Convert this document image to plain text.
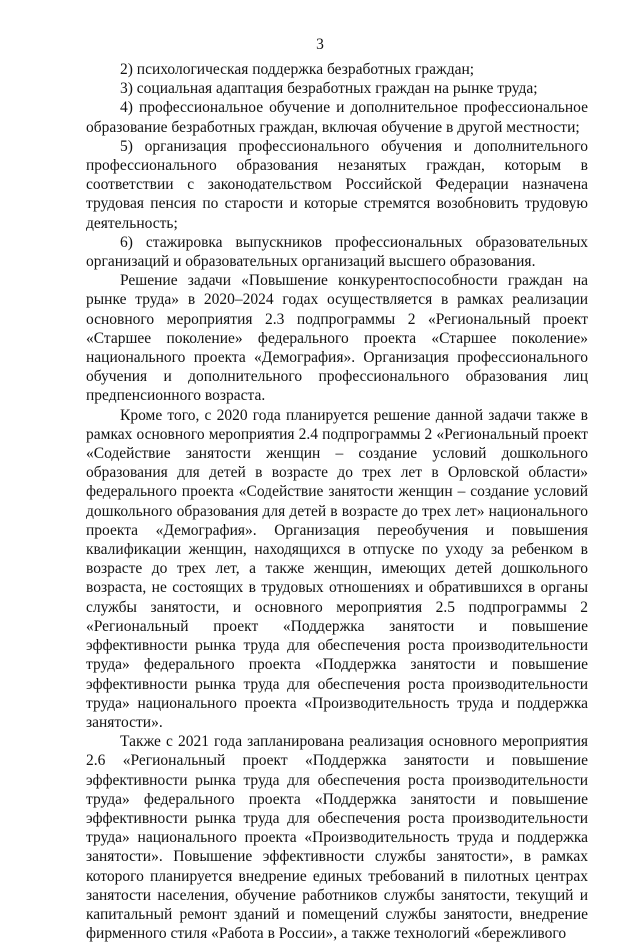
3

2) психологическая поддержка безработных граждан;

3) социальная адаптация безработных граждан на рынке труда;

4) профессиональное обучение и дополнительное профессиональное образование безработных граждан, включая обучение в другой местности;

5) организация профессионального обучения и дополнительного профессионального образования незанятых граждан, которым в соответствии с законодательством Российской Федерации назначена трудовая пенсия по старости и которые стремятся возобновить трудовую деятельность;

6) стажировка выпускников профессиональных образовательных организаций и образовательных организаций высшего образования.

Решение задачи «Повышение конкурентоспособности граждан на рынке труда» в 2020–2024 годах осуществляется в рамках реализации основного мероприятия 2.3 подпрограммы 2 «Региональный проект «Старшее поколение» федерального проекта «Старшее поколение» национального проекта «Демография». Организация профессионального обучения и дополнительного профессионального образования лиц предпенсионного возраста.

Кроме того, с 2020 года планируется решение данной задачи также в рамках основного мероприятия 2.4 подпрограммы 2 «Региональный проект «Содействие занятости женщин – создание условий дошкольного образования для детей в возрасте до трех лет в Орловской области» федерального проекта «Содействие занятости женщин – создание условий дошкольного образования для детей в возрасте до трех лет» национального проекта «Демография». Организация переобучения и повышения квалификации женщин, находящихся в отпуске по уходу за ребенком в возрасте до трех лет, а также женщин, имеющих детей дошкольного возраста, не состоящих в трудовых отношениях и обратившихся в органы службы занятости, и основного мероприятия 2.5 подпрограммы 2 «Региональный проект «Поддержка занятости и повышение эффективности рынка труда для обеспечения роста производительности труда» федерального проекта «Поддержка занятости и повышение эффективности рынка труда для обеспечения роста производительности труда» национального проекта «Производительность труда и поддержка занятости».

Также с 2021 года запланирована реализация основного мероприятия 2.6 «Региональный проект «Поддержка занятости и повышение эффективности рынка труда для обеспечения роста производительности труда» федерального проекта «Поддержка занятости и повышение эффективности рынка труда для обеспечения роста производительности труда» национального проекта «Производительность труда и поддержка занятости». Повышение эффективности службы занятости», в рамках которого планируется внедрение единых требований в пилотных центрах занятости населения, обучение работников службы занятости, текущий и капитальный ремонт зданий и помещений службы занятости, внедрение фирменного стиля «Работа в России», а также технологий «бережливого
